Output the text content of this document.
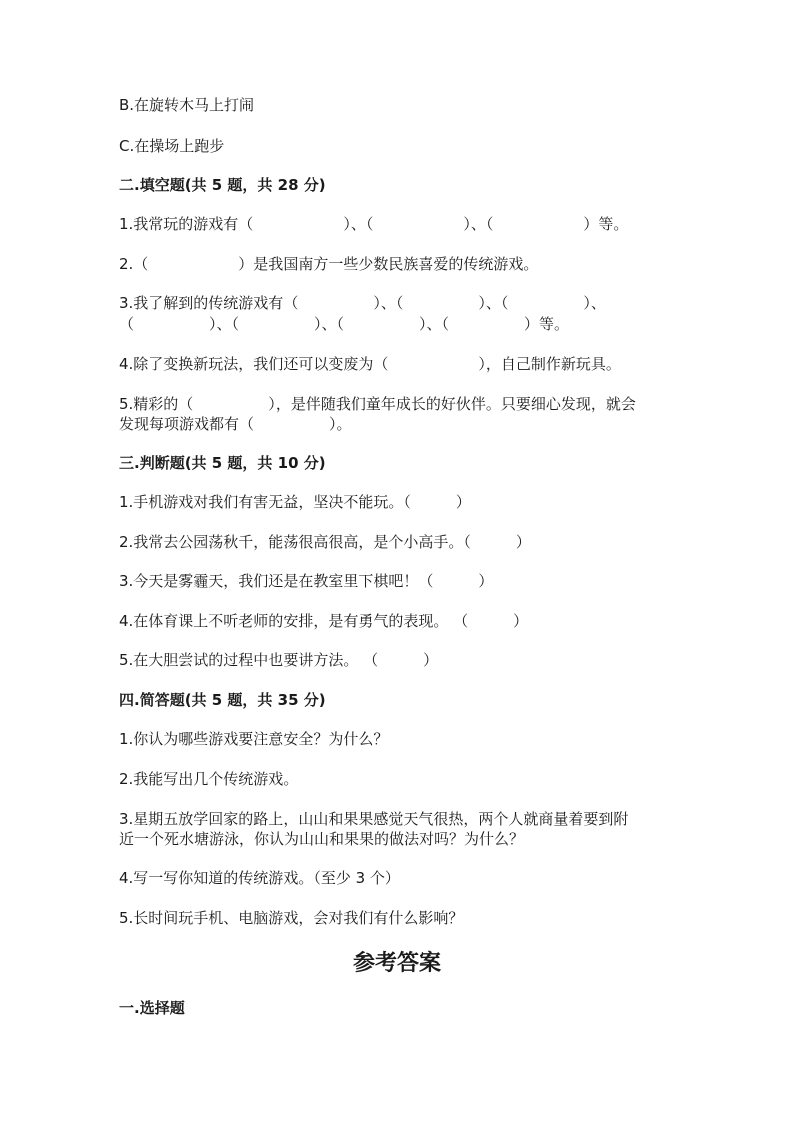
B.在旋转木马上打闹
C.在操场上跑步
二.填空题(共 5 题，共 28 分)
1.我常玩的游戏有（　　　　　　）、（　　　　　　）、（　　　　　　）等。
2.（　　　　　　）是我国南方一些少数民族喜爱的传统游戏。
3.我了解到的传统游戏有（　　　　　）、（　　　　　）、（　　　　　）、
（　　　　　）、（　　　　　）、（　　　　　）、（　　　　　）等。
4.除了变换新玩法，我们还可以变废为（　　　　　　），自己制作新玩具。
5.精彩的（　　　　　），是伴随我们童年成长的好伙伴。只要细心发现，就会
发现每项游戏都有（　　　　　）。
三.判断题(共 5 题，共 10 分)
1.手机游戏对我们有害无益，坚决不能玩。（　　　）
2.我常去公园荡秋千，能荡很高很高，是个小高手。（　　　）
3.今天是雾霾天，我们还是在教室里下棋吧！（　　　）
4.在体育课上不听老师的安排，是有勇气的表现。 （　　　）
5.在大胆尝试的过程中也要讲方法。 （　　　）
四.简答题(共 5 题，共 35 分)
1.你认为哪些游戏要注意安全？为什么？
2.我能写出几个传统游戏。
3.星期五放学回家的路上，山山和果果感觉天气很热，两个人就商量着要到附
近一个死水塘游泳，你认为山山和果果的做法对吗？为什么？
4.写一写你知道的传统游戏。（至少 3 个）
5.长时间玩手机、电脑游戏，会对我们有什么影响？
参考答案
一.选择题
